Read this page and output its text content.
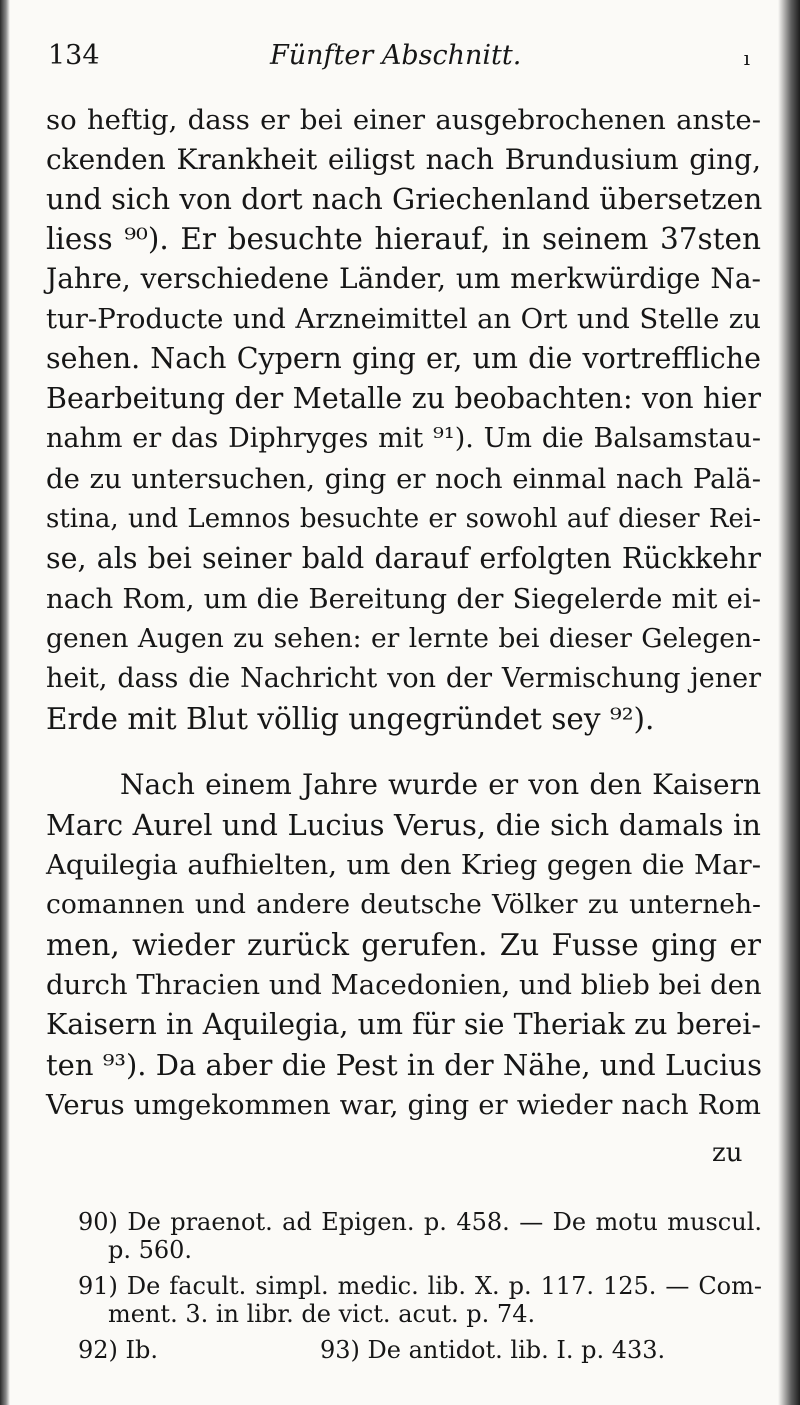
134	Fünfter Abschnitt.	ı
so heftig, dass er bei einer ausgebrochenen anste-
ckenden Krankheit eiligst nach Brundusium ging,
und sich von dort nach Griechenland übersetzen
liess ⁹⁰). Er besuchte hierauf, in seinem 37sten
Jahre, verschiedene Länder, um merkwürdige Na-
tur-Producte und Arzneimittel an Ort und Stelle zu
sehen. Nach Cypern ging er, um die vortreffliche
Bearbeitung der Metalle zu beobachten: von hier
nahm er das Diphryges mit ⁹¹). Um die Balsamstau-
de zu untersuchen, ging er noch einmal nach Palä-
stina, und Lemnos besuchte er sowohl auf dieser Rei-
se, als bei seiner bald darauf erfolgten Rückkehr
nach Rom, um die Bereitung der Siegelerde mit ei-
genen Augen zu sehen: er lernte bei dieser Gelegen-
heit, dass die Nachricht von der Vermischung jener
Erde mit Blut völlig ungegründet sey ⁹²).
Nach einem Jahre wurde er von den Kaisern
Marc Aurel und Lucius Verus, die sich damals in
Aquilegia aufhielten, um den Krieg gegen die Mar-
comannen und andere deutsche Völker zu unterneh-
men, wieder zurück gerufen. Zu Fusse ging er
durch Thracien und Macedonien, und blieb bei den
Kaisern in Aquilegia, um für sie Theriak zu berei-
ten ⁹³). Da aber die Pest in der Nähe, und Lucius
Verus umgekommen war, ging er wieder nach Rom
zu
90) De praenot. ad Epigen. p. 458. — De motu muscul.
p. 560.
91) De facult. simpl. medic. lib. X. p. 117. 125. — Com-
ment. 3. in libr. de vict. acut. p. 74.
92) Ib.	93) De antidot. lib. I. p. 433.
